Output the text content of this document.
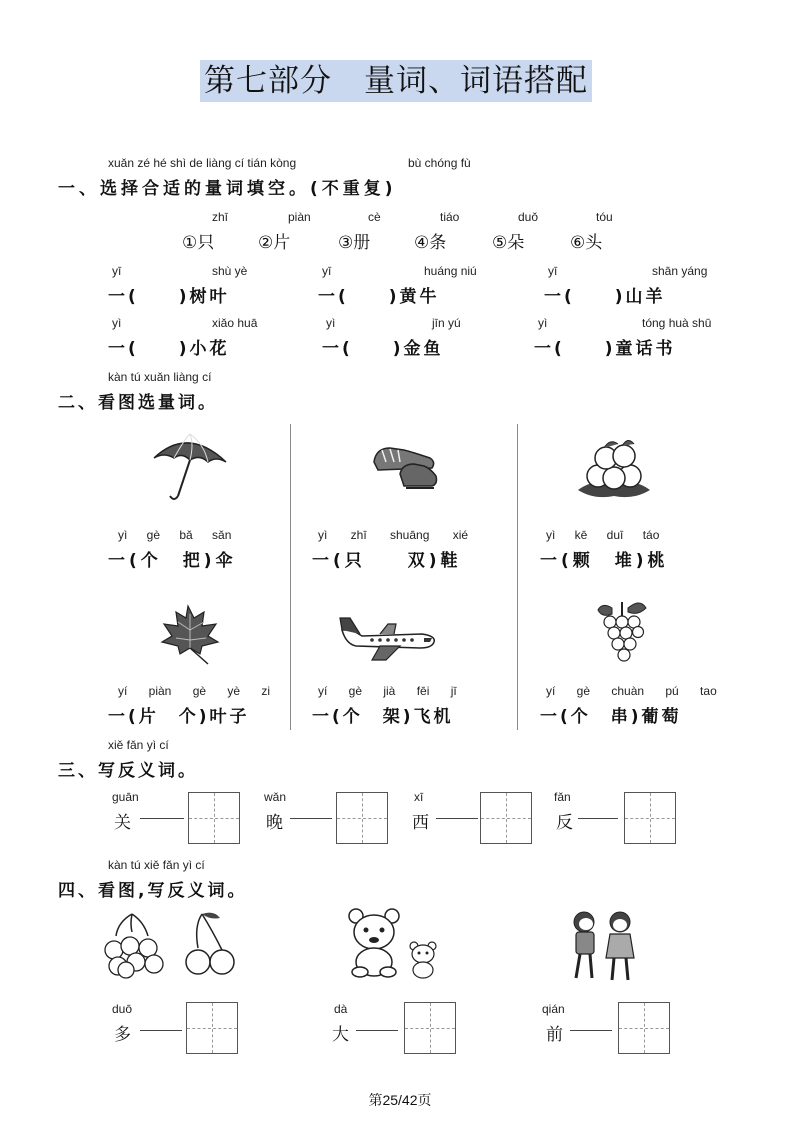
第七部分　量词、词语搭配
xuǎn zé hé shì de liàng cí tián kòng	bù chóng fù
一、选择合适的量词填空。(不重复)
zhī	piàn	cè	tiáo	duǒ	tóu
①只	②片	③册	④条	⑤朵	⑥头
yī	shù yè
一(　　)树叶
yī	huáng niú
一(　　)黄牛
yī	shān yáng
一(　　)山羊
yì	xiǎo huā
一(　　)小花
yì	jīn yú
一(　　)金鱼
yì	tóng huà shū
一(　　)童话书
kàn tú xuǎn liàng cí
二、看图选量词。
yì gè bǎ sǎn
一(个　把)伞
yì zhī shuāng xié
一(只　　双)鞋
yì kē duī táo
一(颗　堆)桃
yí piàn gè yè zi
一(片　个)叶子
yí gè jià fēi jī
一(个　架)飞机
yí gè chuàn pú tao
一(个　串)葡萄
xiě fǎn yì cí
三、写反义词。
guān
关
wǎn
晚
xī
西
fǎn
反
kàn tú xiě fǎn yì cí
四、看图,写反义词。
duō
多
dà
大
qián
前
第25/42页
